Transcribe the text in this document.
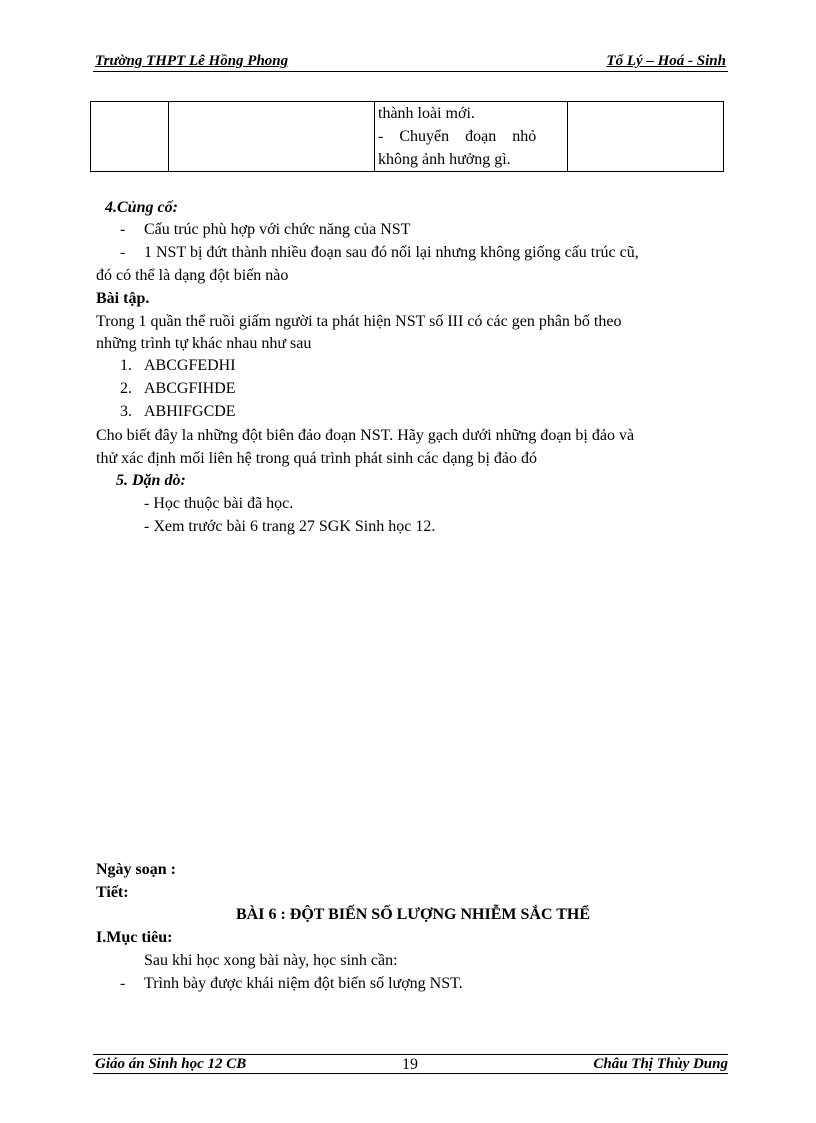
Trường THPT Lê Hồng Phong	Tổ Lý – Hoá - Sinh

thành loài mới.
- Chuyển đoạn nhỏ
không ảnh hưởng gì.

4.Củng cố:
- Cấu trúc phù hợp với chức năng của NST
- 1 NST bị đứt thành nhiều đoạn sau đó nối lại nhưng không giống cấu trúc cũ,
đó có thể là dạng đột biến nào
Bài tập.
Trong 1 quần thể ruồi giấm người ta phát hiện NST số III có các gen phân bố theo
những trình tự khác nhau như sau
1. ABCGFEDHI
2. ABCGFIHDE
3. ABHIFGCDE
Cho biết đây la những đột biên đảo đoạn NST. Hãy gạch dưới những đoạn bị đảo và
thử xác định mối liên hệ trong quá trình phát sinh các dạng bị đảo đó
5. Dặn dò:
- Học thuộc bài đã học.
- Xem trước bài 6 trang 27 SGK Sinh học 12.
Ngày soạn :
Tiết:
BÀI 6 : ĐỘT BIẾN SỐ LƯỢNG NHIỄM SẮC THỂ
I.Mục tiêu:
Sau khi học xong bài này, học sinh cần:
- Trình bày được khái niệm đột biến số lượng NST.
Giáo án Sinh học 12 CB	19	Châu Thị Thùy Dung
